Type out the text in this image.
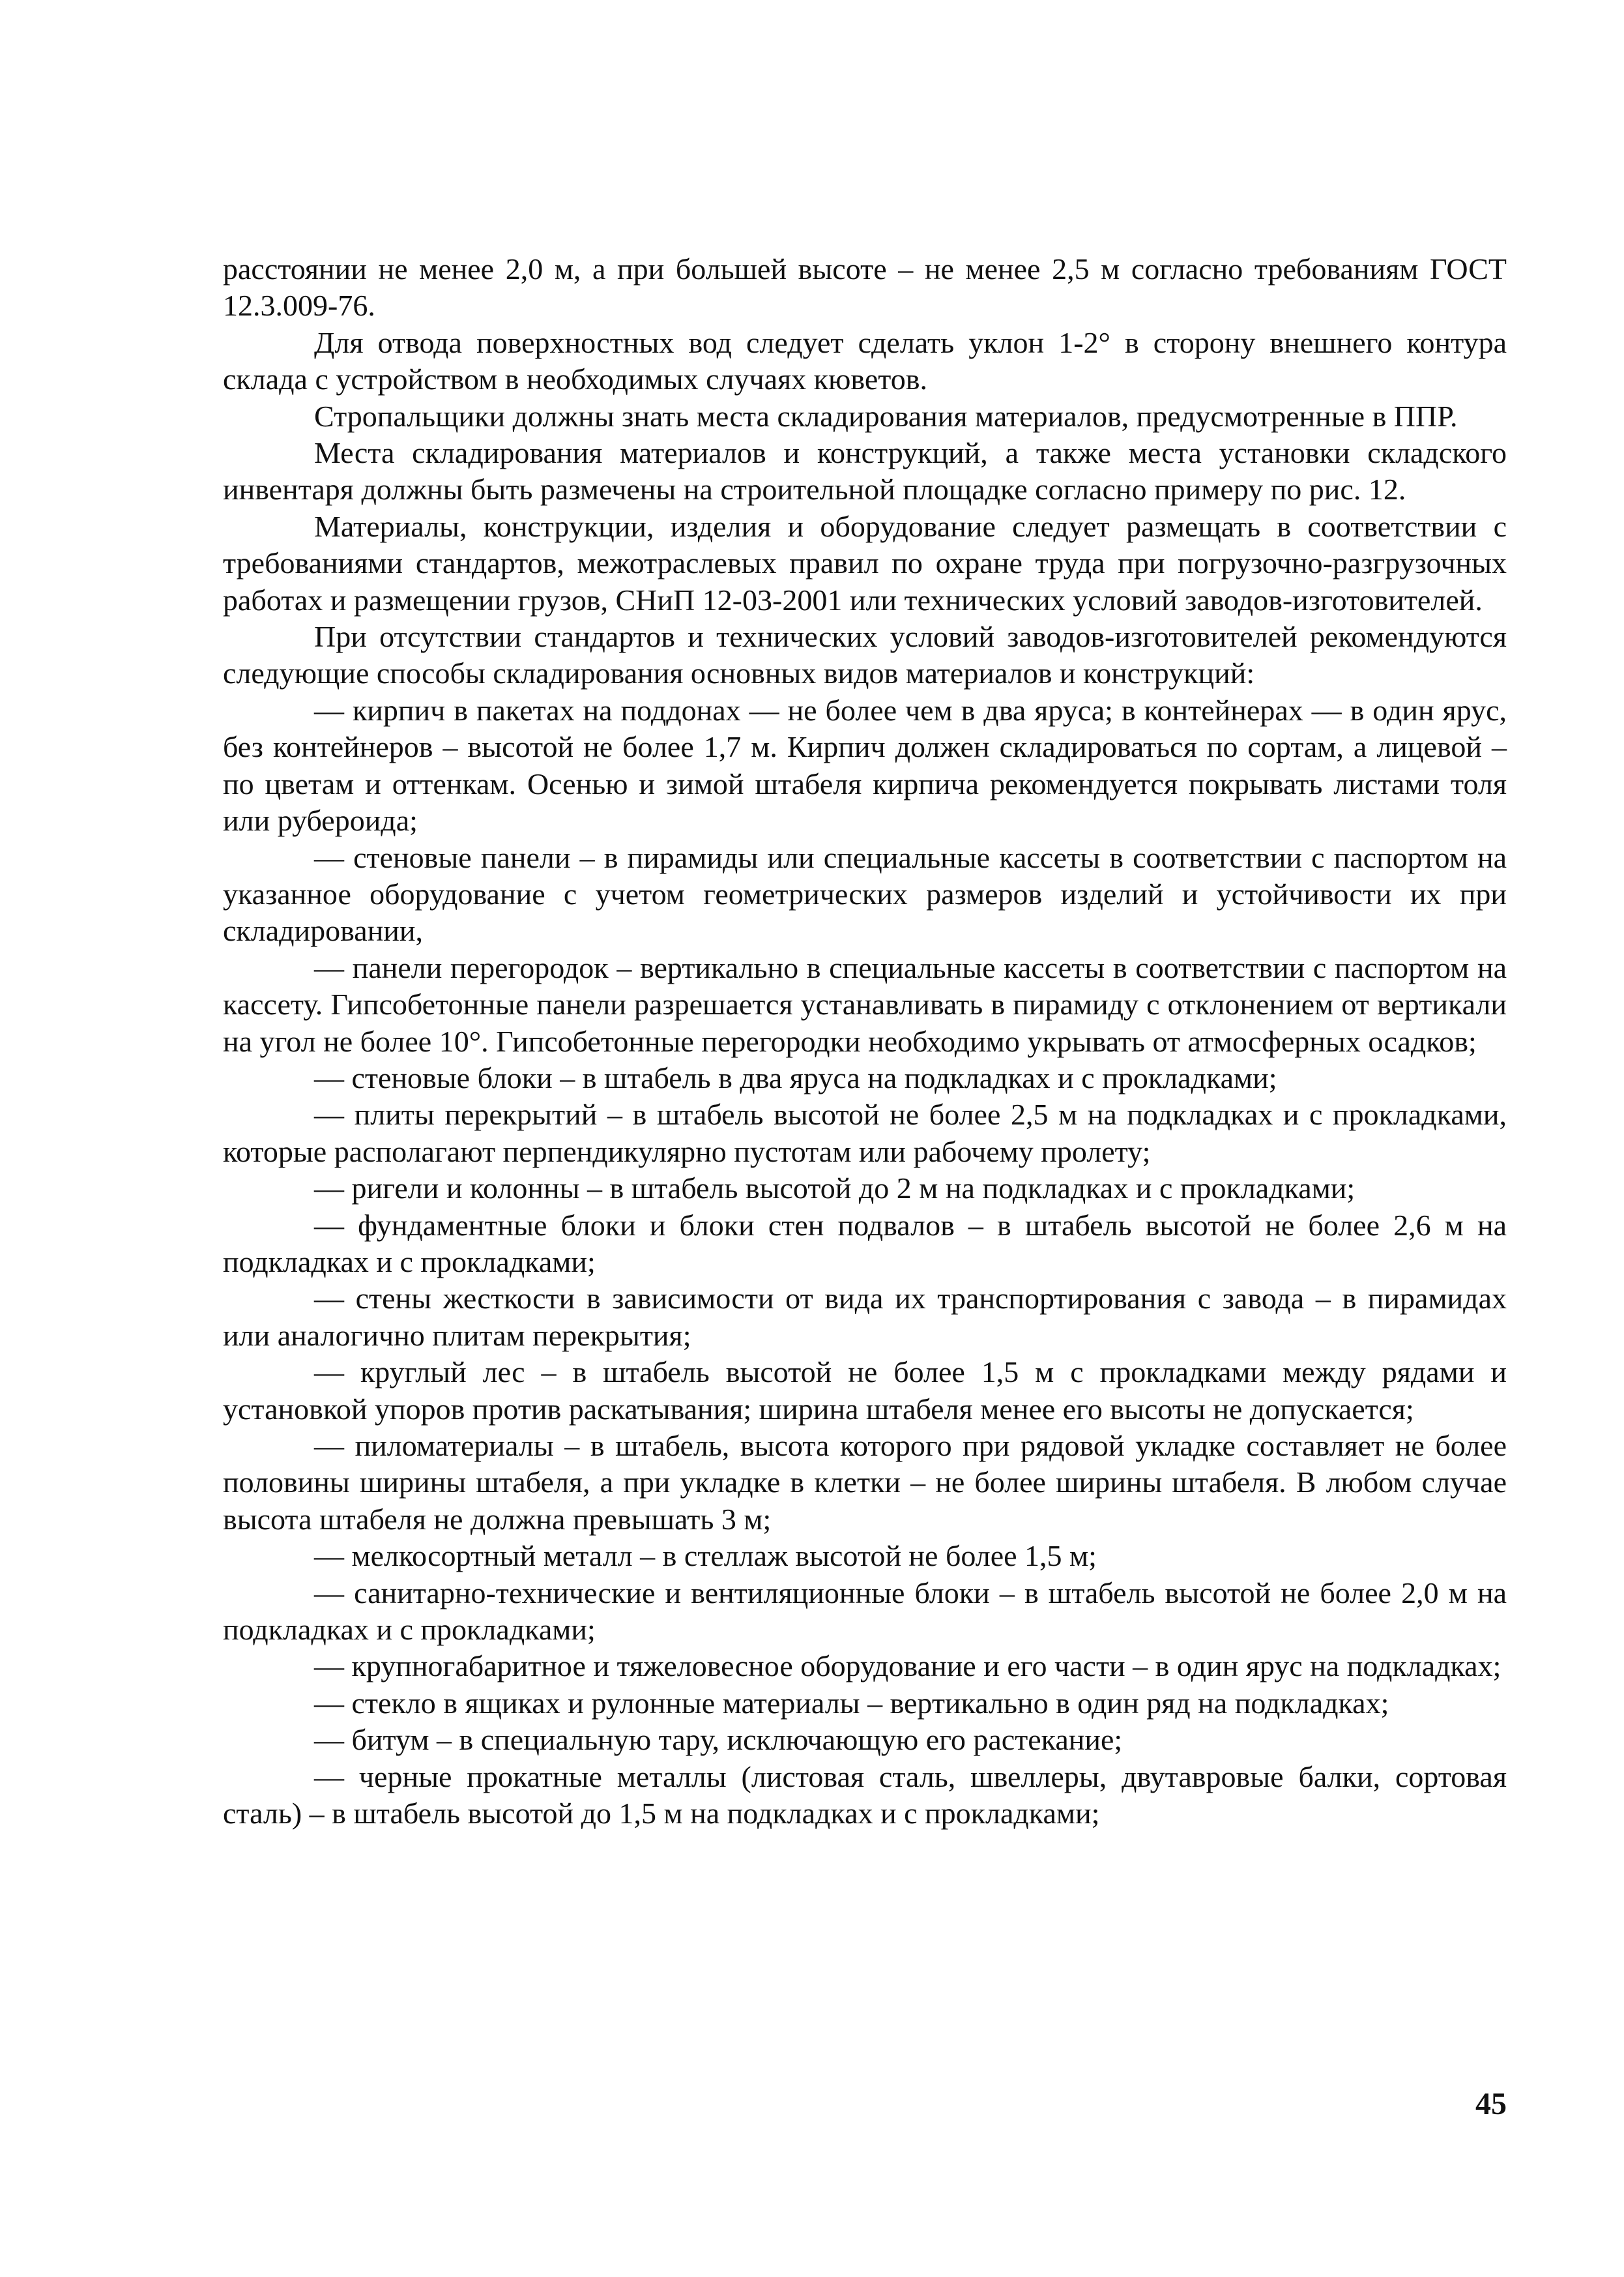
расстоянии не менее 2,0 м, а при большей высоте – не менее 2,5 м согласно требованиям ГОСТ 12.3.009-76.

Для отвода поверхностных вод следует сделать уклон 1-2° в сторону внешнего контура склада с устройством в необходимых случаях кюветов.

Стропальщики должны знать места складирования материалов, предусмотренные в ППР.

Места складирования материалов и конструкций, а также места установки складского инвентаря должны быть размечены на строительной площадке согласно примеру по рис. 12.

Материалы, конструкции, изделия и оборудование следует размещать в соответствии с требованиями стандартов, межотраслевых правил по охране труда при погрузочно-разгрузочных работах и размещении грузов, СНиП 12-03-2001 или технических условий заводов-изготовителей.

При отсутствии стандартов и технических условий заводов-изготовителей рекомендуются следующие способы складирования основных видов материалов и конструкций:

— кирпич в пакетах на поддонах — не более чем в два яруса; в контейнерах — в один ярус, без контейнеров – высотой не более 1,7 м. Кирпич должен складироваться по сортам, а лицевой – по цветам и оттенкам. Осенью и зимой штабеля кирпича рекомендуется покрывать листами толя или рубероида;

— стеновые панели – в пирамиды или специальные кассеты в соответствии с паспортом на указанное оборудование с учетом геометрических размеров изделий и устойчивости их при складировании,

— панели перегородок – вертикально в специальные кассеты в соответствии с паспортом на кассету. Гипсобетонные панели разрешается устанавливать в пирамиду с отклонением от вертикали на угол не более 10°. Гипсобетонные перегородки необходимо укрывать от атмосферных осадков;

— стеновые блоки – в штабель в два яруса на подкладках и с прокладками;

— плиты перекрытий – в штабель высотой не более 2,5 м на подкладках и с прокладками, которые располагают перпендикулярно пустотам или рабочему пролету;

— ригели и колонны – в штабель высотой до 2 м на подкладках и с прокладками;

— фундаментные блоки и блоки стен подвалов – в штабель высотой не более 2,6 м на подкладках и с прокладками;

— стены жесткости в зависимости от вида их транспортирования с завода – в пирамидах или аналогично плитам перекрытия;

— круглый лес – в штабель высотой не более 1,5 м с прокладками между рядами и установкой упоров против раскатывания; ширина штабеля менее его высоты не допускается;

— пиломатериалы – в штабель, высота которого при рядовой укладке составляет не более половины ширины штабеля, а при укладке в клетки – не более ширины штабеля. В любом случае высота штабеля не должна превышать 3 м;

— мелкосортный металл – в стеллаж высотой не более 1,5 м;

— санитарно-технические и вентиляционные блоки – в штабель высотой не более 2,0 м на подкладках и с прокладками;

— крупногабаритное и тяжеловесное оборудование и его части – в один ярус на подкладках;

— стекло в ящиках и рулонные материалы – вертикально в один ряд на подкладках;

— битум – в специальную тару, исключающую его растекание;

— черные прокатные металлы (листовая сталь, швеллеры, двутавровые балки, сортовая сталь) – в штабель высотой до 1,5 м на подкладках и с прокладками;

45
